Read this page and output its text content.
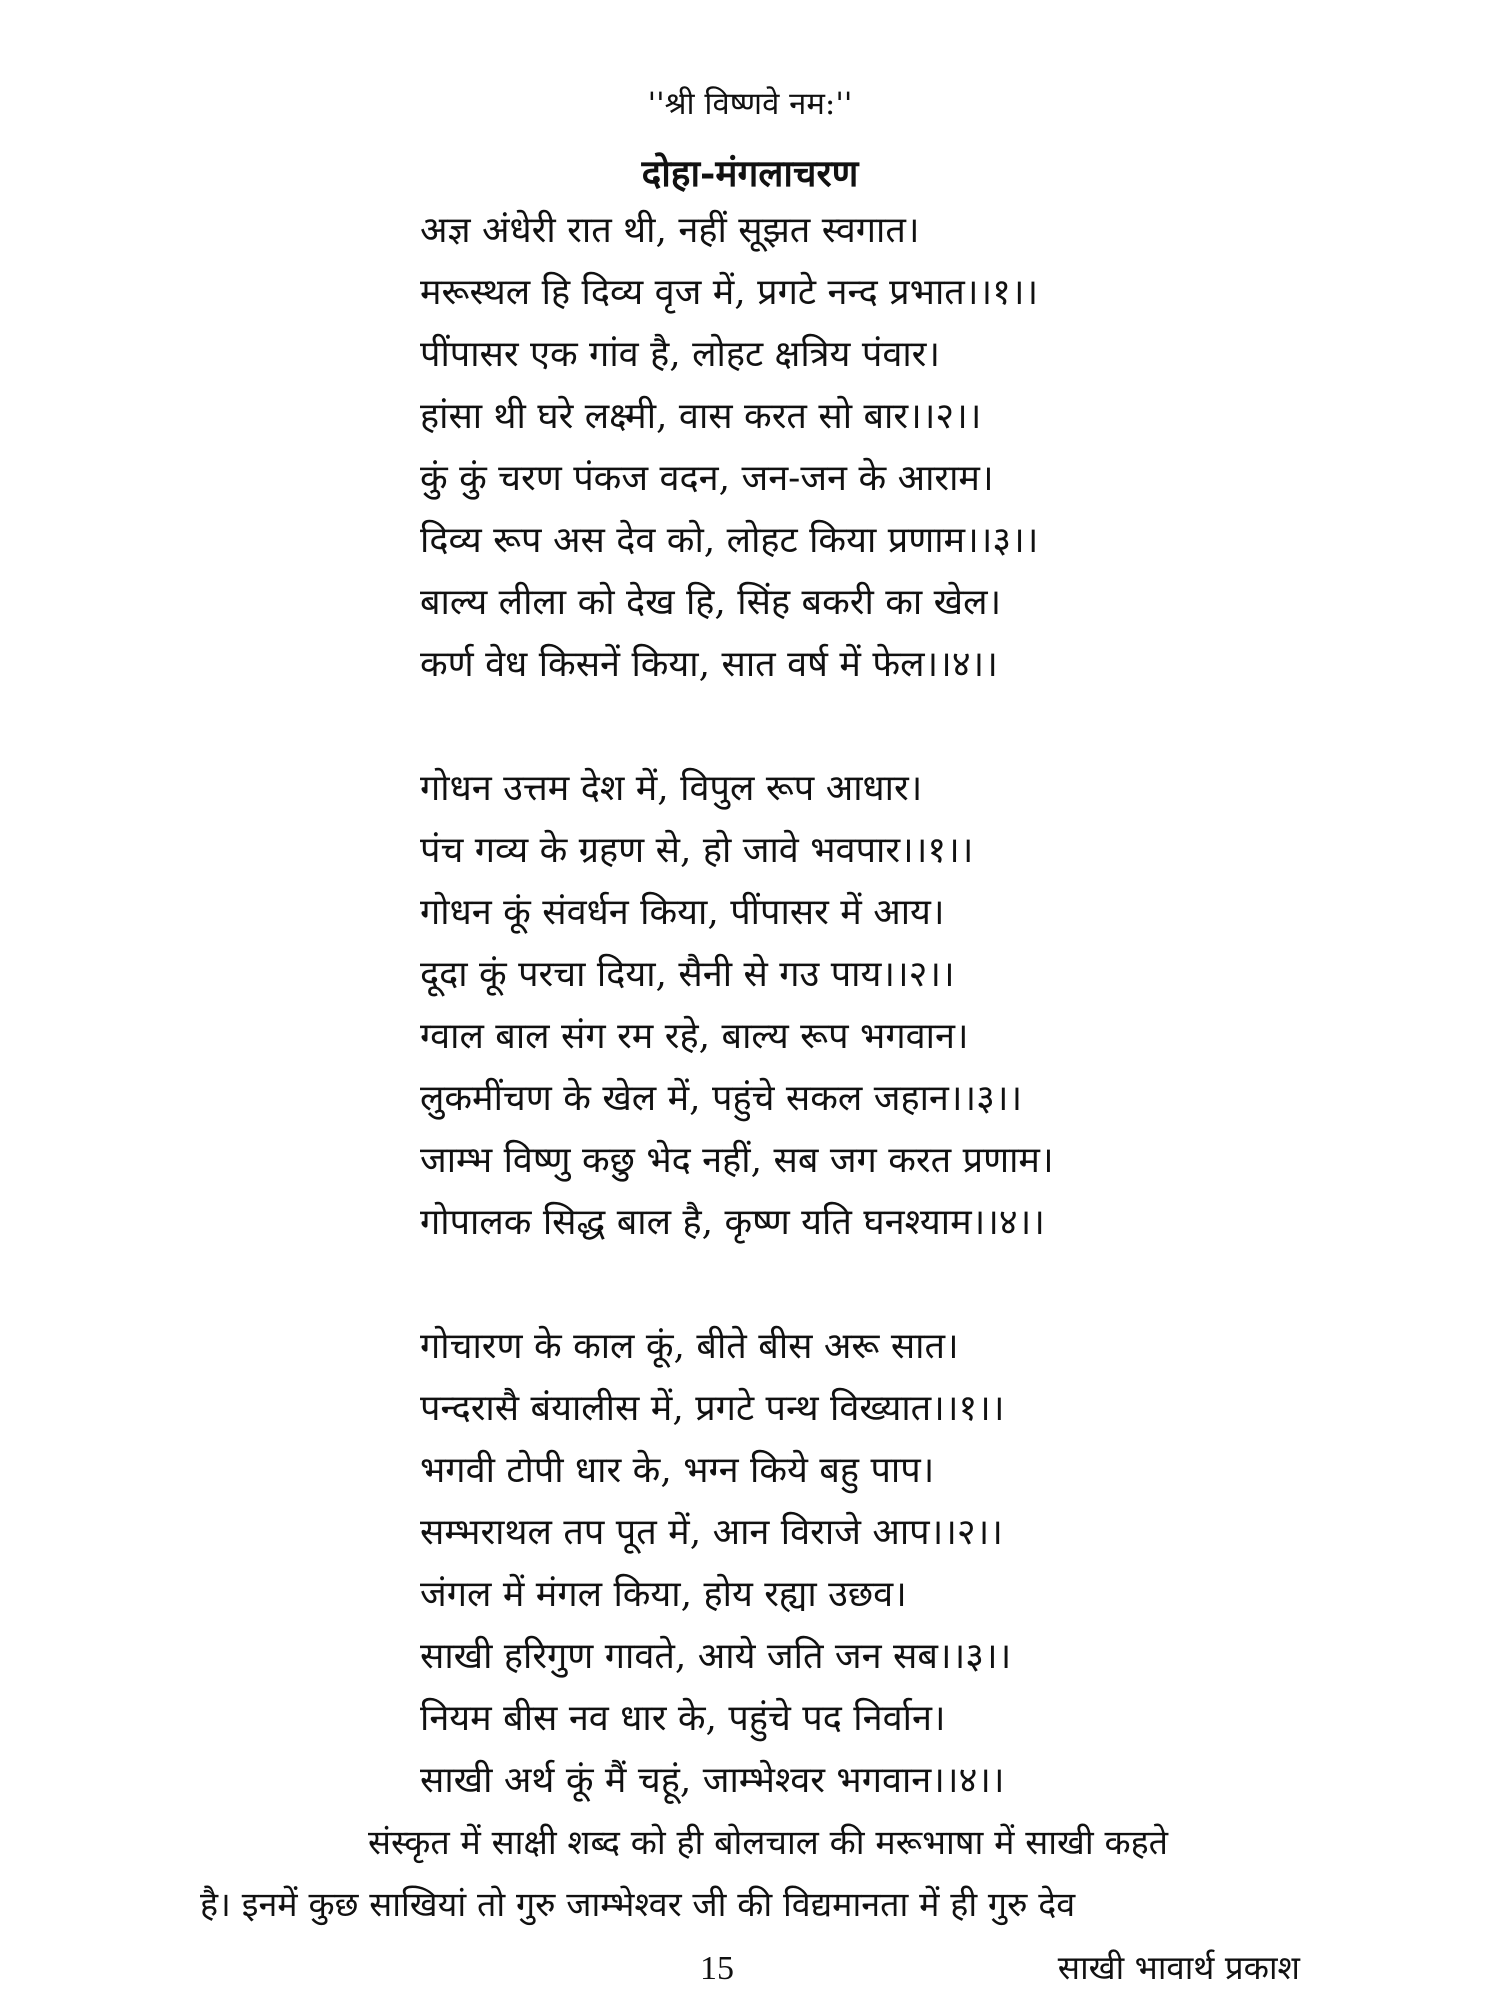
''श्री विष्णवे नम:''
दोहा-मंगलाचरण
अज्ञ अंधेरी रात थी, नहीं सूझत स्वगात।
मरूस्थल हि दिव्य वृज में, प्रगटे नन्द प्रभात।।१।।
पींपासर एक गांव है, लोहट क्षत्रिय पंवार।
हांसा थी घरे लक्ष्मी, वास करत सो बार।।२।।
कुं कुं चरण पंकज वदन, जन-जन के आराम।
दिव्य रूप अस देव को, लोहट किया प्रणाम।।३।।
बाल्य लीला को देख हि, सिंह बकरी का खेल।
कर्ण वेध किसनें किया, सात वर्ष में फेल।।४।।
गोधन उत्तम देश में, विपुल रूप आधार।
पंच गव्य के ग्रहण से, हो जावे भवपार।।१।।
गोधन कूं संवर्धन किया, पींपासर में आय।
दूदा कूं परचा दिया, सैनी से गउ पाय।।२।।
ग्वाल बाल संग रम रहे, बाल्य रूप भगवान।
लुकमींचण के खेल में, पहुंचे सकल जहान।।३।।
जाम्भ विष्णु कछु भेद नहीं, सब जग करत प्रणाम।
गोपालक सिद्ध बाल है, कृष्ण यति घनश्याम।।४।।
गोचारण के काल कूं, बीते बीस अरू सात।
पन्दरासै बंयालीस में, प्रगटे पन्थ विख्यात।।१।।
भगवी टोपी धार के, भग्न किये बहु पाप।
सम्भराथल तप पूत में, आन विराजे आप।।२।।
जंगल में मंगल किया, होय रह्या उछव।
साखी हरिगुण गावते, आये जति जन सब।।३।।
नियम बीस नव धार के, पहुंचे पद निर्वान।
साखी अर्थ कूं मैं चहूं, जाम्भेश्वर भगवान।।४।।
संस्कृत में साक्षी शब्द को ही बोलचाल की मरूभाषा में साखी कहते
है। इनमें कुछ साखियां तो गुरु जाम्भेश्वर जी की विद्यमानता में ही गुरु देव
15	साखी भावार्थ प्रकाश
